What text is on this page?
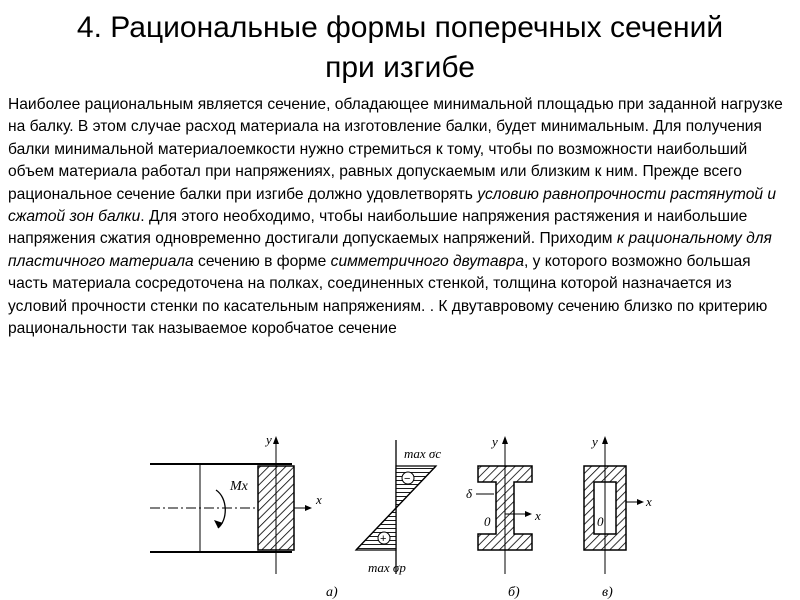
4. Рациональные формы поперечных сечений
при изгибе

Наиболее рациональным является сечение, обладающее минимальной площадью при заданной нагрузке на балку. В этом случае расход материала на изготовление балки, будет минимальным. Для получения балки минимальной материалоемкости нужно стремиться к тому, чтобы по возможности наибольший объем материала работал при напряжениях, равных допускаемым или близким к ним. Прежде всего рациональное сечение балки при изгибе должно удовлетворять условию равнопрочности растянутой и сжатой зон балки. Для этого необходимо, чтобы наибольшие напряжения растяжения и наибольшие напряжения сжатия одновременно достигали допускаемых напряжений. Приходим к рациональному для пластичного материала сечению в форме симметричного двутавра, у которого возможно большая часть материала сосредоточена на полках, соединенных стенкой, толщина которой назначается из условий прочности стенки по касательным напряжениям. . К двутавровому сечению близко по критерию рациональности так называемое коробчатое сечение

Mx
y
x
−
+
max σc
max σp
y
x
δ
0
y
x
0
а)	б)	в)
